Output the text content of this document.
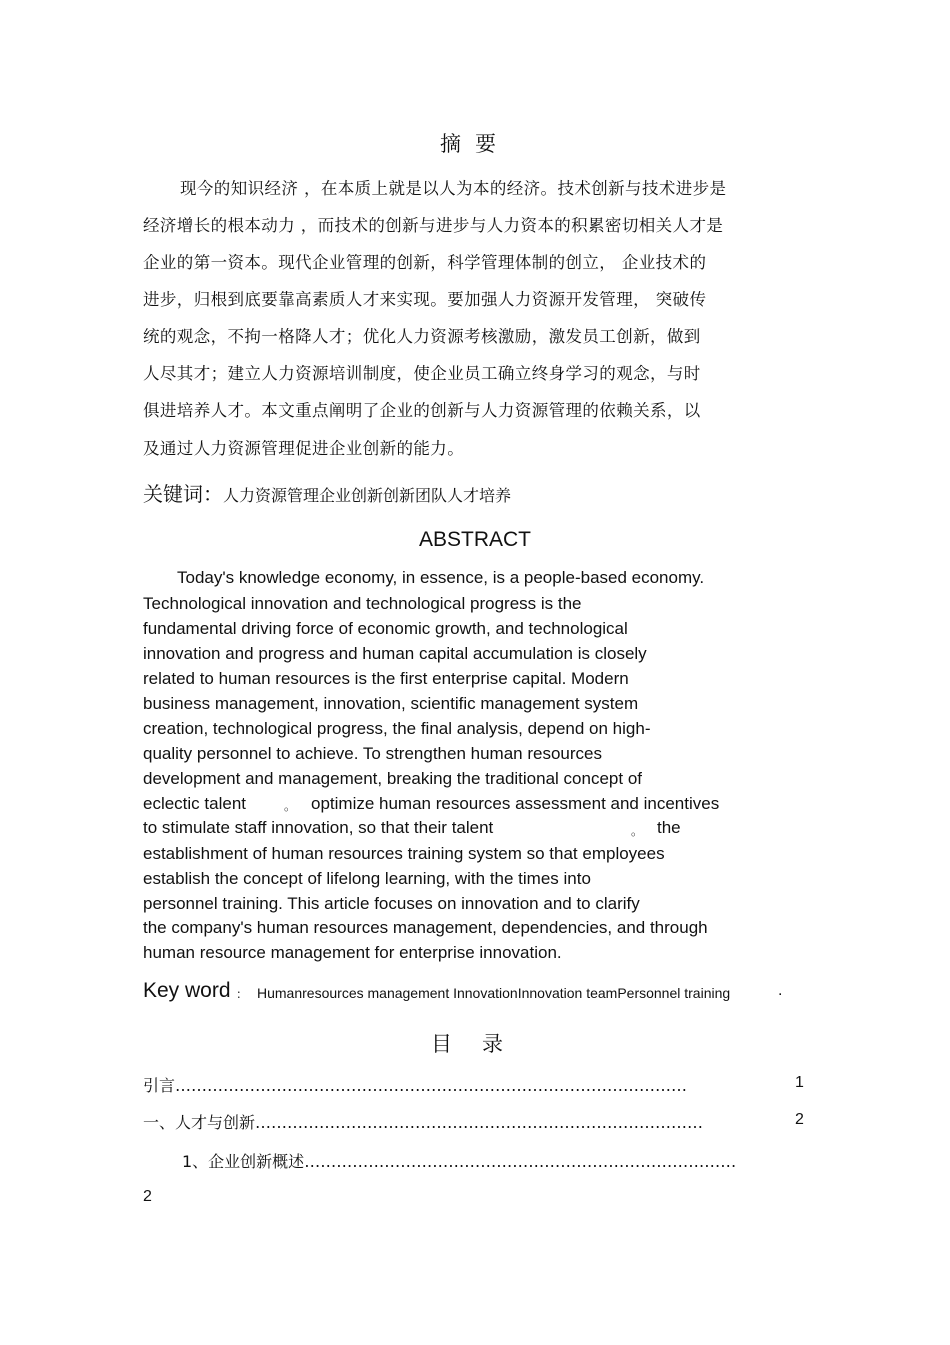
摘要
现今的知识经济 ，在本质上就是以人为本的经济。技术创新与技术进步是
经济增长的根本动力 ，而技术的创新与进步与人力资本的积累密切相关人才是
企业的第一资本。现代企业管理的创新，科学管理体制的创立， 企业技术的
进步，归根到底要靠高素质人才来实现。要加强人力资源开发管理， 突破传
统的观念，不拘一格降人才；优化人力资源考核激励，激发员工创新，做到
人尽其才；建立人力资源培训制度，使企业员工确立终身学习的观念，与时
俱进培养人才。本文重点阐明了企业的创新与人力资源管理的依赖关系，以
及通过人力资源管理促进企业创新的能力。
关键词：人力资源管理企业创新创新团队人才培养
ABSTRACT
Today's knowledge economy, in essence, is a people-based economy.
Technological innovation and technological progress is the
fundamental driving force of economic growth, and technological
innovation and progress and human capital accumulation is closely
related to human resources is the first enterprise capital. Modern
business management, innovation, scientific management system
creation, technological progress, the final analysis, depend on high-
quality personnel to achieve. To strengthen human resources
development and management, breaking the traditional concept of
eclectic talent	。 optimize human resources assessment and incentives
to stimulate staff innovation, so that their talent	。 the
establishment of human resources training system so that employees
establish the concept of lifelong learning, with the times into
personnel training. This article focuses on innovation and to clarify
the company's human resources management, dependencies, and through
human resource management for enterprise innovation.
Key word ： Humanresources management InnovationInnovation teamPersonnel training	.
目录
引言……………………………………………………………………………………	1
一、人才与创新…………………………………………………………………………	2
1、企业创新概述………………………………………………………………………
2
